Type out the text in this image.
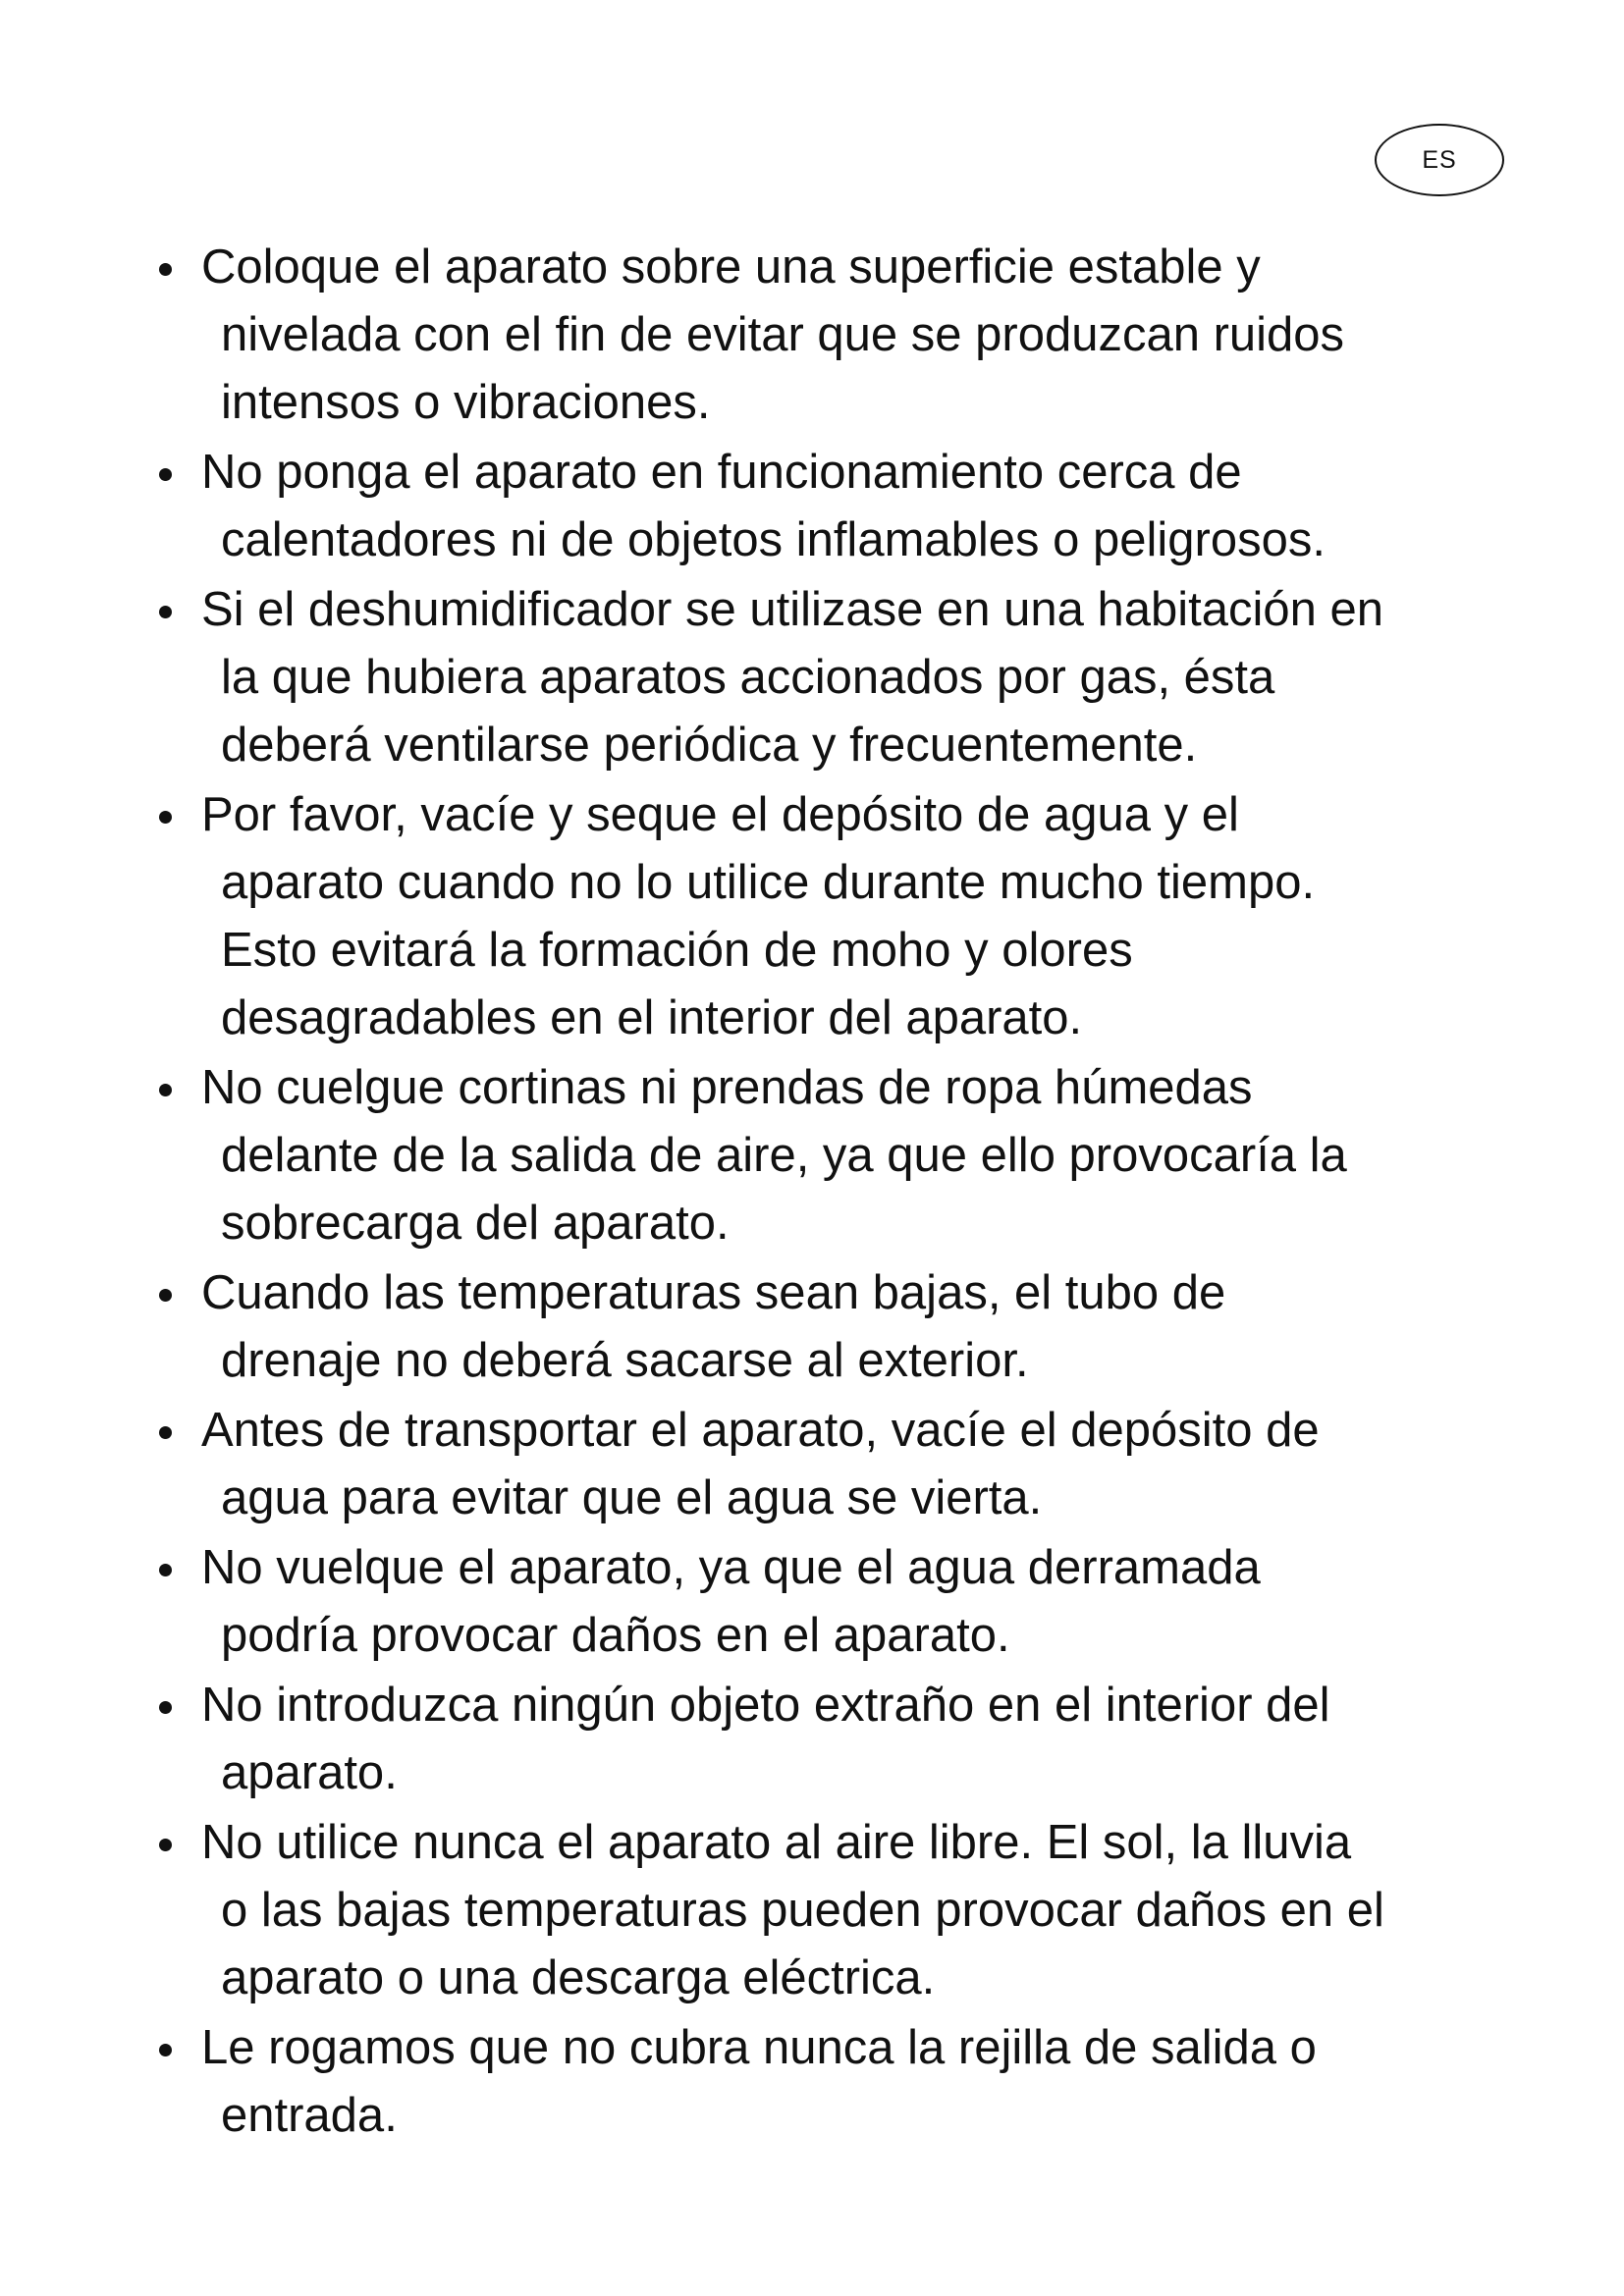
ES
Coloque el aparato sobre una superficie estable y
nivelada con el fin de evitar que se produzcan ruidos
intensos o vibraciones.
No ponga el aparato en funcionamiento cerca de
calentadores ni de objetos inflamables o peligrosos.
Si el deshumidificador se utilizase en una habitación en
la que hubiera aparatos accionados por gas, ésta
deberá ventilarse periódica y frecuentemente.
Por favor, vacíe y seque el depósito de agua y el
aparato cuando no lo utilice durante mucho tiempo.
Esto evitará la formación de moho y olores
desagradables en el interior del aparato.
No cuelgue cortinas ni prendas de ropa húmedas
delante de la salida de aire, ya que ello provocaría la
sobrecarga del aparato.
Cuando las temperaturas sean bajas, el tubo de
drenaje no deberá sacarse al exterior.
Antes de transportar el aparato, vacíe el depósito de
agua para evitar que el agua se vierta.
No vuelque el aparato, ya que el agua derramada
podría provocar daños en el aparato.
No introduzca ningún objeto extraño en el interior del
aparato.
No utilice nunca el aparato al aire libre. El sol, la lluvia
o las bajas temperaturas pueden provocar daños en el
aparato o una descarga eléctrica.
Le rogamos que no cubra nunca la rejilla de salida o
entrada.
